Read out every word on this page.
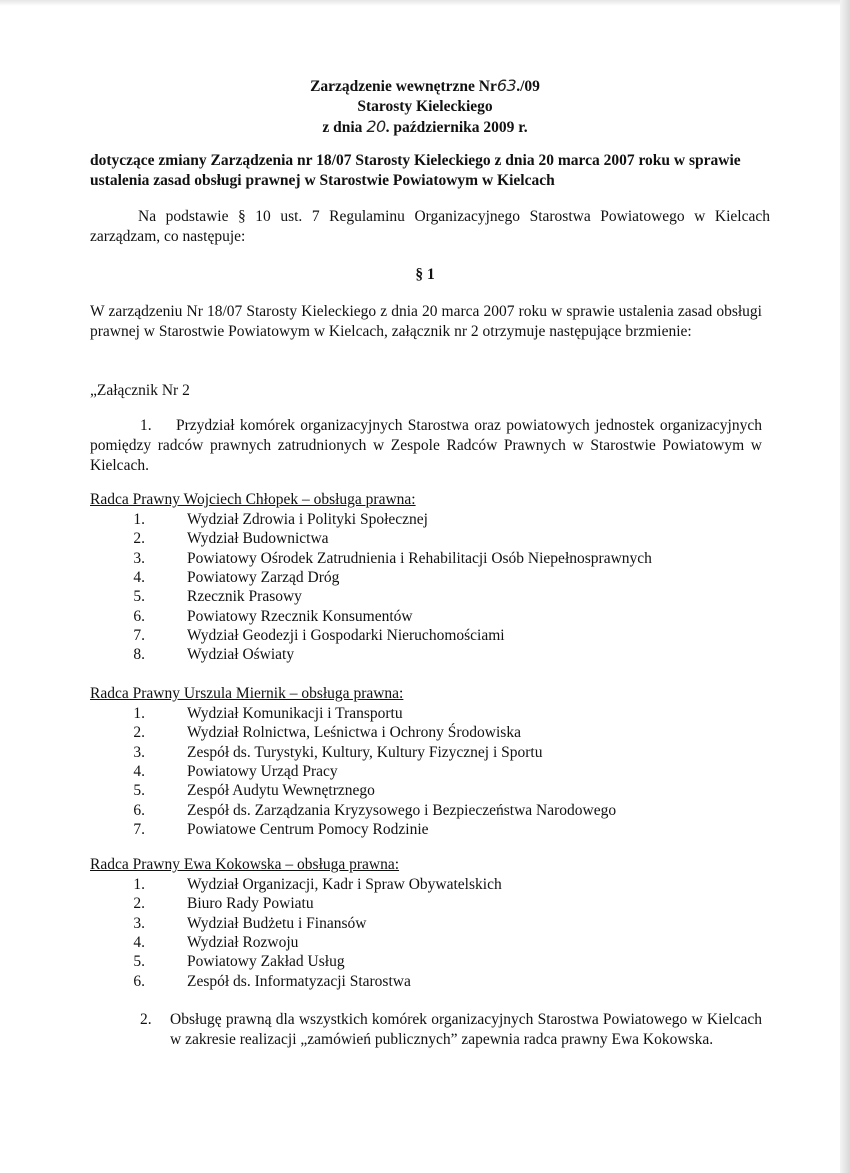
Zarządzenie wewnętrzne Nr63./09
Starosty Kieleckiego
z dnia 20. października 2009 r.
dotyczące zmiany Zarządzenia nr 18/07 Starosty Kieleckiego z dnia 20 marca 2007 roku w sprawie ustalenia zasad obsługi prawnej w Starostwie Powiatowym w Kielcach
Na podstawie § 10 ust. 7 Regulaminu Organizacyjnego Starostwa Powiatowego w Kielcach zarządzam, co następuje:
§ 1
W zarządzeniu Nr 18/07 Starosty Kieleckiego z dnia 20 marca 2007 roku w sprawie ustalenia zasad obsługi prawnej w Starostwie Powiatowym w Kielcach, załącznik nr 2 otrzymuje następujące brzmienie:
„Załącznik Nr 2
1. Przydział komórek organizacyjnych Starostwa oraz powiatowych jednostek organizacyjnych pomiędzy radców prawnych zatrudnionych w Zespole Radców Prawnych w Starostwie Powiatowym w Kielcach.
Radca Prawny Wojciech Chłopek – obsługa prawna:
1.	Wydział Zdrowia i Polityki Społecznej
2.	Wydział Budownictwa
3.	Powiatowy Ośrodek Zatrudnienia i Rehabilitacji Osób Niepełnosprawnych
4.	Powiatowy Zarząd Dróg
5.	Rzecznik Prasowy
6.	Powiatowy Rzecznik Konsumentów
7.	Wydział Geodezji i Gospodarki Nieruchomościami
8.	Wydział Oświaty
Radca Prawny Urszula Miernik – obsługa prawna:
1.	Wydział Komunikacji i Transportu
2.	Wydział Rolnictwa, Leśnictwa i Ochrony Środowiska
3.	Zespół ds. Turystyki, Kultury, Kultury Fizycznej i Sportu
4.	Powiatowy Urząd Pracy
5.	Zespół Audytu Wewnętrznego
6.	Zespół ds. Zarządzania Kryzysowego i Bezpieczeństwa Narodowego
7.	Powiatowe Centrum Pomocy Rodzinie
Radca Prawny Ewa Kokowska – obsługa prawna:
1.	Wydział Organizacji, Kadr i Spraw Obywatelskich
2.	Biuro Rady Powiatu
3.	Wydział Budżetu i Finansów
4.	Wydział Rozwoju
5.	Powiatowy Zakład Usług
6.	Zespół ds. Informatyzacji Starostwa
2.	Obsługę prawną dla wszystkich komórek organizacyjnych Starostwa Powiatowego w Kielcach w zakresie realizacji „zamówień publicznych” zapewnia radca prawny Ewa Kokowska.
